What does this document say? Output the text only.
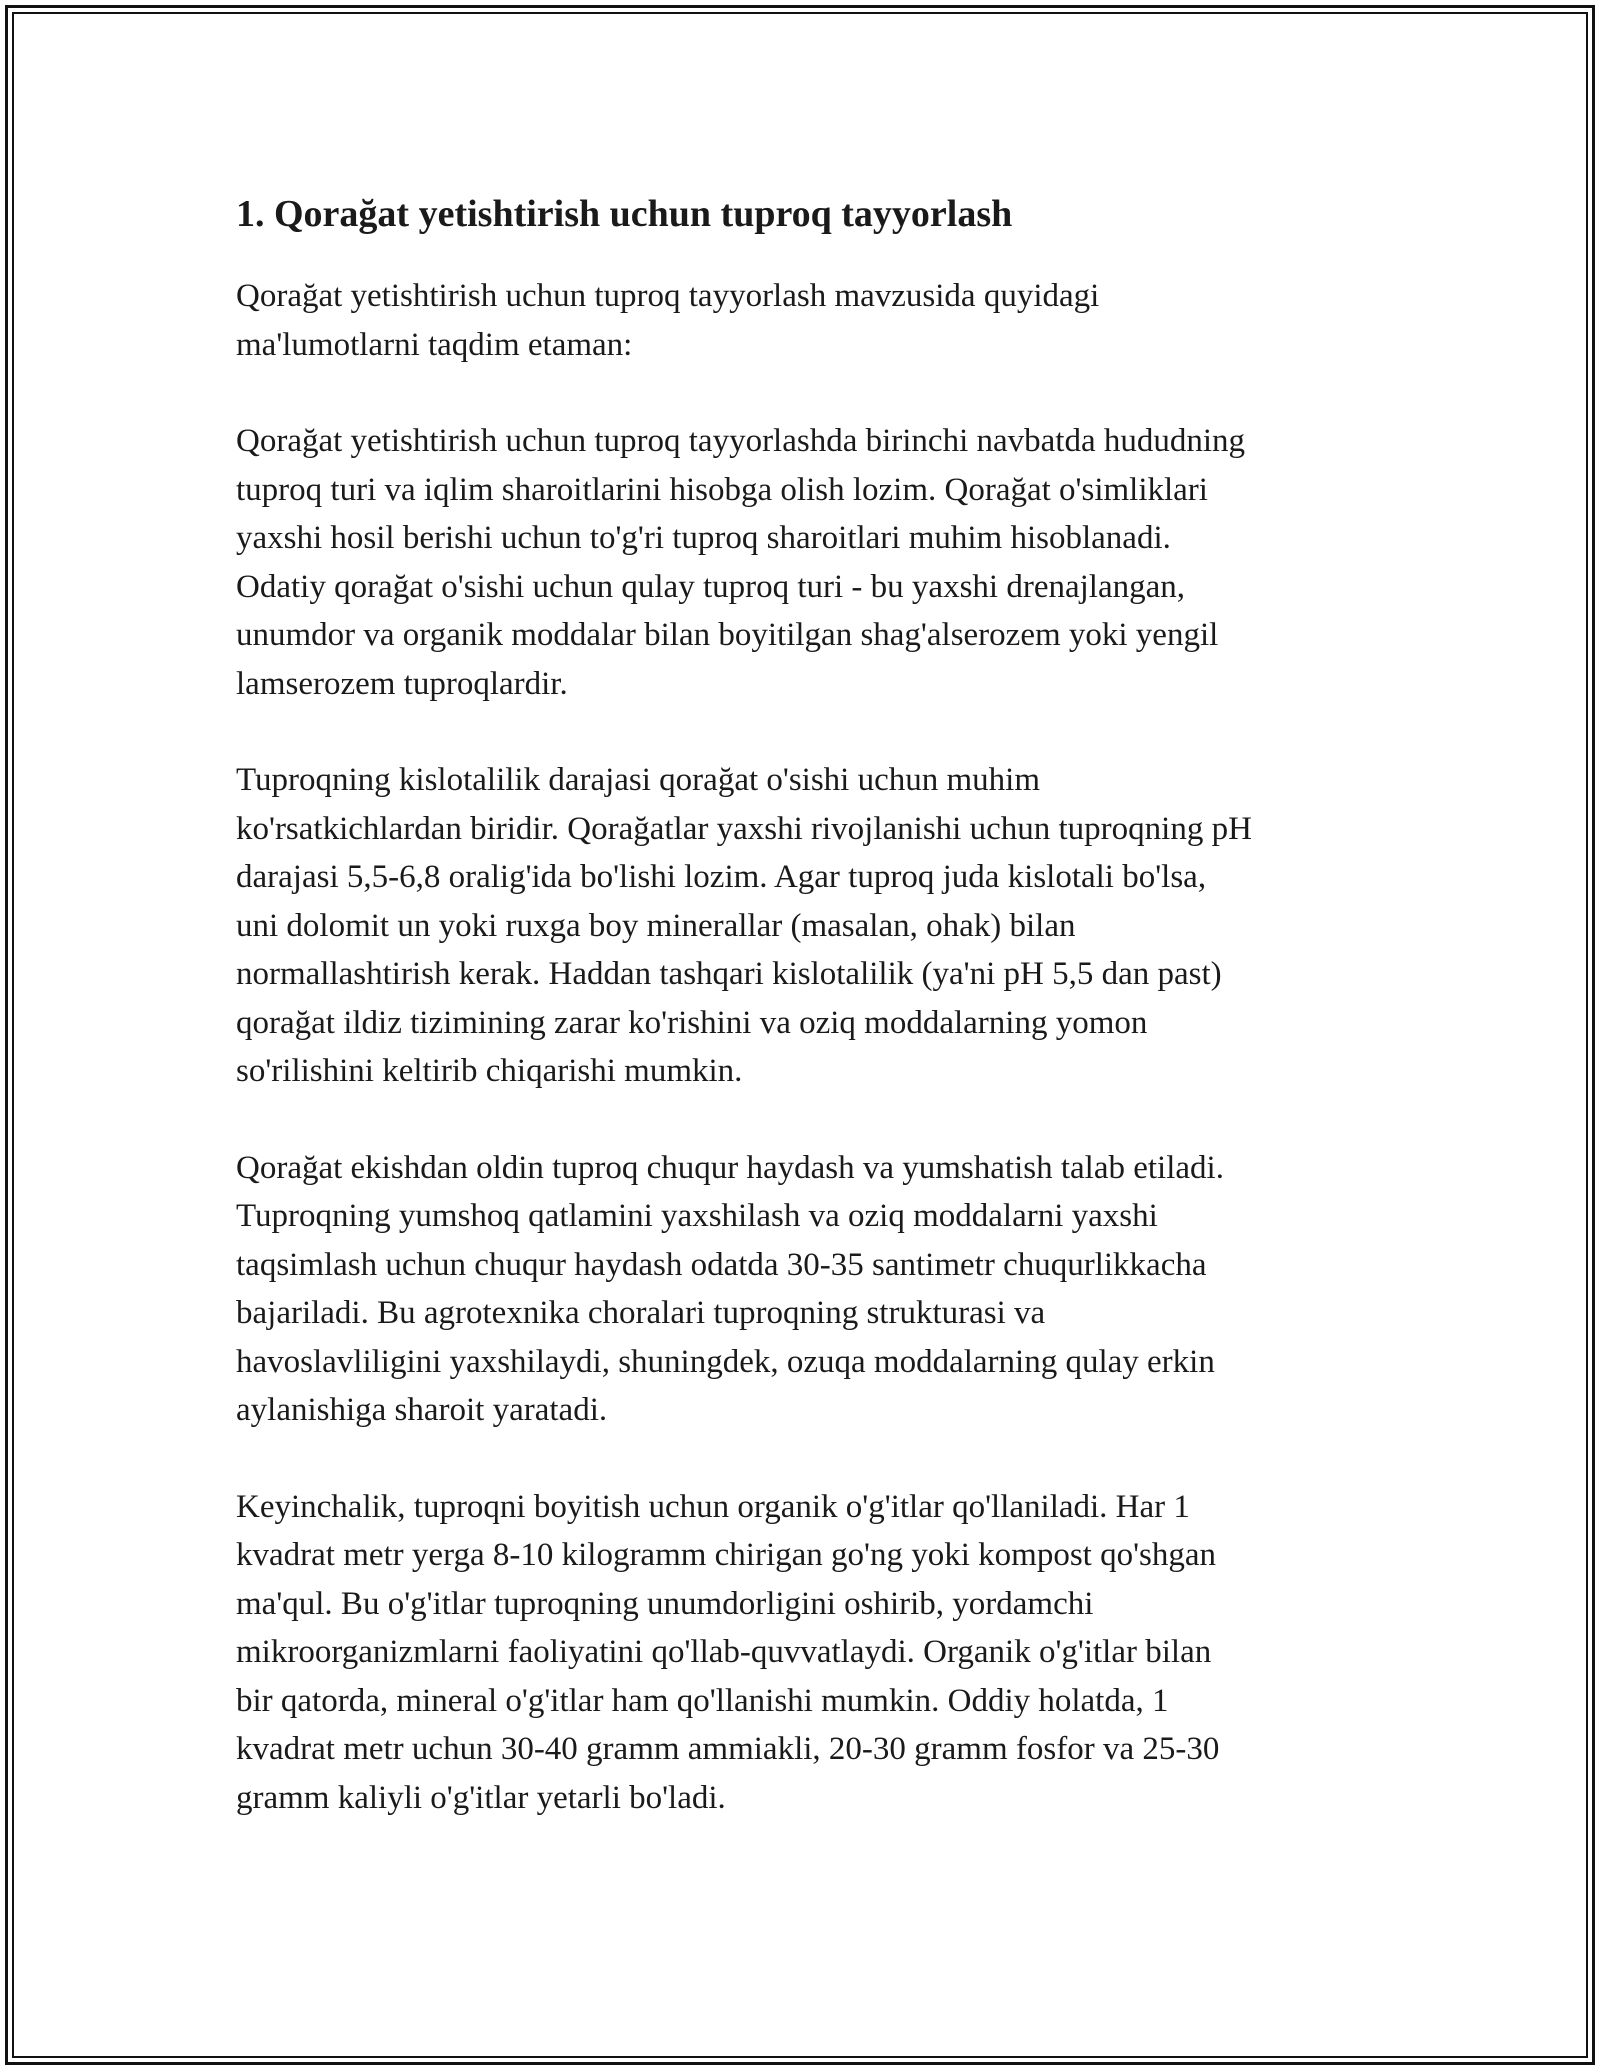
1. Qorağat yetishtirish uchun tuproq tayyorlash

Qorağat yetishtirish uchun tuproq tayyorlash mavzusida quyidagi
ma'lumotlarni taqdim etaman:

Qorağat yetishtirish uchun tuproq tayyorlashda birinchi navbatda hududning
tuproq turi va iqlim sharoitlarini hisobga olish lozim. Qorağat o'simliklari
yaxshi hosil berishi uchun to'g'ri tuproq sharoitlari muhim hisoblanadi.
Odatiy qorağat o'sishi uchun qulay tuproq turi - bu yaxshi drenajlangan,
unumdor va organik moddalar bilan boyitilgan shag'alserozem yoki yengil
lamserozem tuproqlardir.

Tuproqning kislotalilik darajasi qorağat o'sishi uchun muhim
ko'rsatkichlardan biridir. Qorağatlar yaxshi rivojlanishi uchun tuproqning pH
darajasi 5,5-6,8 oralig'ida bo'lishi lozim. Agar tuproq juda kislotali bo'lsa,
uni dolomit un yoki ruxga boy minerallar (masalan, ohak) bilan
normallashtirish kerak. Haddan tashqari kislotalilik (ya'ni pH 5,5 dan past)
qorağat ildiz tizimining zarar ko'rishini va oziq moddalarning yomon
so'rilishini keltirib chiqarishi mumkin.

Qorağat ekishdan oldin tuproq chuqur haydash va yumshatish talab etiladi.
Tuproqning yumshoq qatlamini yaxshilash va oziq moddalarni yaxshi
taqsimlash uchun chuqur haydash odatda 30-35 santimetr chuqurlikkacha
bajariladi. Bu agrotexnika choralari tuproqning strukturasi va
havoslavliligini yaxshilaydi, shuningdek, ozuqa moddalarning qulay erkin
aylanishiga sharoit yaratadi.

Keyinchalik, tuproqni boyitish uchun organik o'g'itlar qo'llaniladi. Har 1
kvadrat metr yerga 8-10 kilogramm chirigan go'ng yoki kompost qo'shgan
ma'qul. Bu o'g'itlar tuproqning unumdorligini oshirib, yordamchi
mikroorganizmlarni faoliyatini qo'llab-quvvatlaydi. Organik o'g'itlar bilan
bir qatorda, mineral o'g'itlar ham qo'llanishi mumkin. Oddiy holatda, 1
kvadrat metr uchun 30-40 gramm ammiakli, 20-30 gramm fosfor va 25-30
gramm kaliyli o'g'itlar yetarli bo'ladi.
